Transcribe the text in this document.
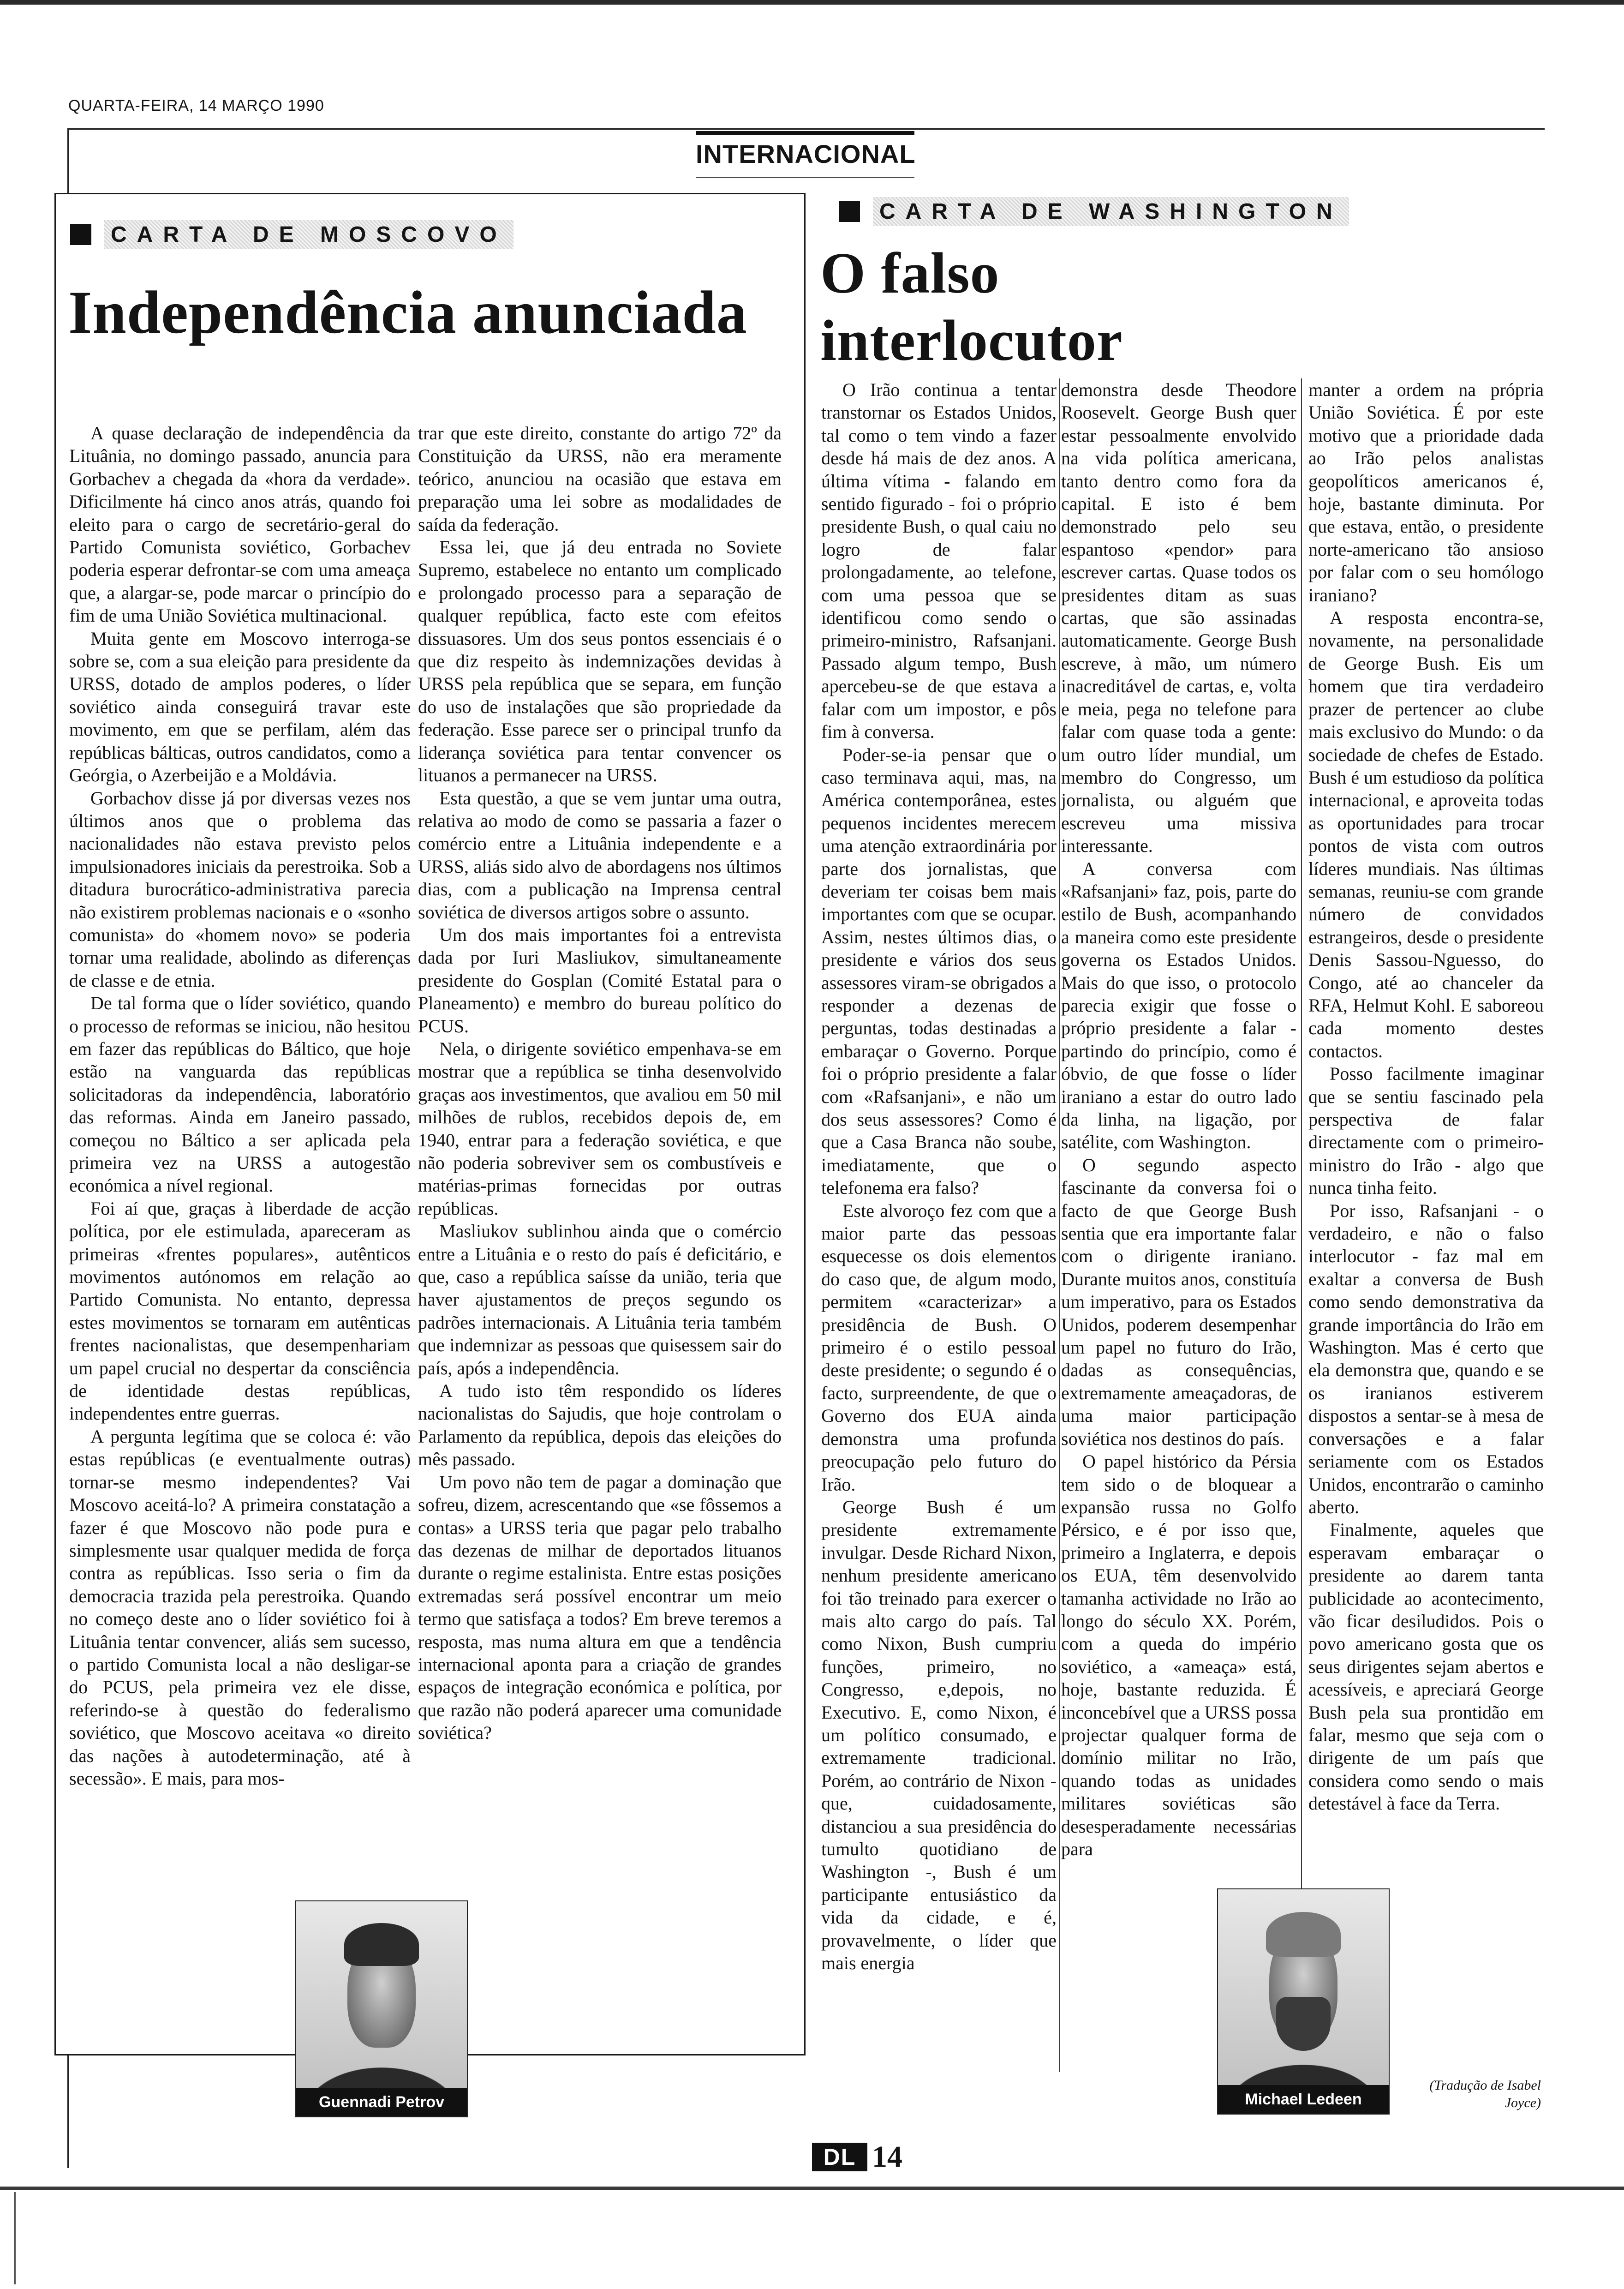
QUARTA-FEIRA, 14 MARÇO 1990
INTERNACIONAL
CARTA DE MOSCOVO
Independência anunciada

A quase declaração de independência da Lituânia, no domingo passado, anuncia para Gorbachev a chegada da «hora da verdade». Dificilmente há cinco anos atrás, quando foi eleito para o cargo de secretário-geral do Partido Comunista soviético, Gorbachev poderia esperar defrontar-se com uma ameaça que, a alargar-se, pode marcar o princípio do fim de uma União Soviética multinacional.

Muita gente em Moscovo interroga-se sobre se, com a sua eleição para presidente da URSS, dotado de amplos poderes, o líder soviético ainda conseguirá travar este movimento, em que se perfilam, além das repúblicas bálticas, outros candidatos, como a Geórgia, o Azerbeijão e a Moldávia.

Gorbachov disse já por diversas vezes nos últimos anos que o problema das nacionalidades não estava previsto pelos impulsionadores iniciais da perestroika. Sob a ditadura burocrático-administrativa parecia não existirem problemas nacionais e o «sonho comunista» do «homem novo» se poderia tornar uma realidade, abolindo as diferenças de classe e de etnia.

De tal forma que o líder soviético, quando o processo de reformas se iniciou, não hesitou em fazer das repúblicas do Báltico, que hoje estão na vanguarda das repúblicas solicitadoras da independência, laboratório das reformas. Ainda em Janeiro passado, começou no Báltico a ser aplicada pela primeira vez na URSS a autogestão económica a nível regional.

Foi aí que, graças à liberdade de acção política, por ele estimulada, apareceram as primeiras «frentes populares», autênticos movimentos autónomos em relação ao Partido Comunista. No entanto, depressa estes movimentos se tornaram em autênticas frentes nacionalistas, que desempenhariam um papel crucial no despertar da consciência de identidade destas repúblicas, independentes entre guerras.

A pergunta legítima que se coloca é: vão estas repúblicas (e eventualmente outras) tornar-se mesmo independentes? Vai Moscovo aceitá-lo? A primeira constatação a fazer é que Moscovo não pode pura e simplesmente usar qualquer medida de força contra as repúblicas. Isso seria o fim da democracia trazida pela perestroika. Quando no começo deste ano o líder soviético foi à Lituânia tentar convencer, aliás sem sucesso, o partido Comunista local a não desligar-se do PCUS, pela primeira vez ele disse, referindo-se à questão do federalismo soviético, que Moscovo aceitava «o direito das nações à autodeterminação, até à secessão». E mais, para mos-

trar que este direito, constante do artigo 72º da Constituição da URSS, não era meramente teórico, anunciou na ocasião que estava em preparação uma lei sobre as modalidades de saída da federação.

Essa lei, que já deu entrada no Soviete Supremo, estabelece no entanto um complicado e prolongado processo para a separação de qualquer república, facto este com efeitos dissuasores. Um dos seus pontos essenciais é o que diz respeito às indemnizações devidas à URSS pela república que se separa, em função do uso de instalações que são propriedade da federação. Esse parece ser o principal trunfo da liderança soviética para tentar convencer os lituanos a permanecer na URSS.

Esta questão, a que se vem juntar uma outra, relativa ao modo de como se passaria a fazer o comércio entre a Lituânia independente e a URSS, aliás sido alvo de abordagens nos últimos dias, com a publicação na Imprensa central soviética de diversos artigos sobre o assunto.

Um dos mais importantes foi a entrevista dada por Iuri Masliukov, simultaneamente presidente do Gosplan (Comité Estatal para o Planeamento) e membro do bureau político do PCUS.

Nela, o dirigente soviético empenhava-se em mostrar que a república se tinha desenvolvido graças aos investimentos, que avaliou em 50 mil milhões de rublos, recebidos depois de, em 1940, entrar para a federação soviética, e que não poderia sobreviver sem os combustíveis e matérias-primas fornecidas por outras repúblicas.

Masliukov sublinhou ainda que o comércio entre a Lituânia e o resto do país é deficitário, e que, caso a república saísse da união, teria que haver ajustamentos de preços segundo os padrões internacionais. A Lituânia teria também que indemnizar as pessoas que quisessem sair do país, após a independência.

A tudo isto têm respondido os líderes nacionalistas do Sajudis, que hoje controlam o Parlamento da república, depois das eleições do mês passado.

Um povo não tem de pagar a dominação que sofreu, dizem, acrescentando que «se fôssemos a contas» a URSS teria que pagar pelo trabalho das dezenas de milhar de deportados lituanos durante o regime estalinista. Entre estas posições extremadas será possível encontrar um meio termo que satisfaça a todos? Em breve teremos a resposta, mas numa altura em que a tendência internacional aponta para a criação de grandes espaços de integração económica e política, por que razão não poderá aparecer uma comunidade soviética?

Guennadi Petrov
CARTA DE WASHINGTON
O falso interlocutor

O Irão continua a tentar transtornar os Estados Unidos, tal como o tem vindo a fazer desde há mais de dez anos. A última vítima - falando em sentido figurado - foi o próprio presidente Bush, o qual caiu no logro de falar prolongadamente, ao telefone, com uma pessoa que se identificou como sendo o primeiro-ministro, Rafsanjani. Passado algum tempo, Bush apercebeu-se de que estava a falar com um impostor, e pôs fim à conversa.

Poder-se-ia pensar que o caso terminava aqui, mas, na América contemporânea, estes pequenos incidentes merecem uma atenção extraordinária por parte dos jornalistas, que deveriam ter coisas bem mais importantes com que se ocupar. Assim, nestes últimos dias, o presidente e vários dos seus assessores viram-se obrigados a responder a dezenas de perguntas, todas destinadas a embaraçar o Governo. Porque foi o próprio presidente a falar com «Rafsanjani», e não um dos seus assessores? Como é que a Casa Branca não soube, imediatamente, que o telefonema era falso?

Este alvoroço fez com que a maior parte das pessoas esquecesse os dois elementos do caso que, de algum modo, permitem «caracterizar» a presidência de Bush. O primeiro é o estilo pessoal deste presidente; o segundo é o facto, surpreendente, de que o Governo dos EUA ainda demonstra uma profunda preocupação pelo futuro do Irão.

George Bush é um presidente extremamente invulgar. Desde Richard Nixon, nenhum presidente americano foi tão treinado para exercer o mais alto cargo do país. Tal como Nixon, Bush cumpriu funções, primeiro, no Congresso, e,depois, no Executivo. E, como Nixon, é um político consumado, e extremamente tradicional. Porém, ao contrário de Nixon - que, cuidadosamente, distanciou a sua presidência do tumulto quotidiano de Washington -, Bush é um participante entusiástico da vida da cidade, e é, provavelmente, o líder que mais energia

demonstra desde Theodore Roosevelt. George Bush quer estar pessoalmente envolvido na vida política americana, tanto dentro como fora da capital. E isto é bem demonstrado pelo seu espantoso «pendor» para escrever cartas. Quase todos os presidentes ditam as suas cartas, que são assinadas automaticamente. George Bush escreve, à mão, um número inacreditável de cartas, e, volta e meia, pega no telefone para falar com quase toda a gente: um outro líder mundial, um membro do Congresso, um jornalista, ou alguém que escreveu uma missiva interessante.

A conversa com «Rafsanjani» faz, pois, parte do estilo de Bush, acompanhando a maneira como este presidente governa os Estados Unidos. Mais do que isso, o protocolo parecia exigir que fosse o próprio presidente a falar - partindo do princípio, como é óbvio, de que fosse o líder iraniano a estar do outro lado da linha, na ligação, por satélite, com Washington.

O segundo aspecto fascinante da conversa foi o facto de que George Bush sentia que era importante falar com o dirigente iraniano. Durante muitos anos, constituía um imperativo, para os Estados Unidos, poderem desempenhar um papel no futuro do Irão, dadas as consequências, extremamente ameaçadoras, de uma maior participação soviética nos destinos do país.

O papel histórico da Pérsia tem sido o de bloquear a expansão russa no Golfo Pérsico, e é por isso que, primeiro a Inglaterra, e depois os EUA, têm desenvolvido tamanha actividade no Irão ao longo do século XX. Porém, com a queda do império soviético, a «ameaça» está, hoje, bastante reduzida. É inconcebível que a URSS possa projectar qualquer forma de domínio militar no Irão, quando todas as unidades militares soviéticas são desesperadamente necessárias para

manter a ordem na própria União Soviética. É por este motivo que a prioridade dada ao Irão pelos analistas geopolíticos americanos é, hoje, bastante diminuta. Por que estava, então, o presidente norte-americano tão ansioso por falar com o seu homólogo iraniano?

A resposta encontra-se, novamente, na personalidade de George Bush. Eis um homem que tira verdadeiro prazer de pertencer ao clube mais exclusivo do Mundo: o da sociedade de chefes de Estado. Bush é um estudioso da política internacional, e aproveita todas as oportunidades para trocar pontos de vista com outros líderes mundiais. Nas últimas semanas, reuniu-se com grande número de convidados estrangeiros, desde o presidente Denis Sassou-Nguesso, do Congo, até ao chanceler da RFA, Helmut Kohl. E saboreou cada momento destes contactos.

Posso facilmente imaginar que se sentiu fascinado pela perspectiva de falar directamente com o primeiro-ministro do Irão - algo que nunca tinha feito.

Por isso, Rafsanjani - o verdadeiro, e não o falso interlocutor - faz mal em exaltar a conversa de Bush como sendo demonstrativa da grande importância do Irão em Washington. Mas é certo que ela demonstra que, quando e se os iranianos estiverem dispostos a sentar-se à mesa de conversações e a falar seriamente com os Estados Unidos, encontrarão o caminho aberto.

Finalmente, aqueles que esperavam embaraçar o presidente ao darem tanta publicidade ao acontecimento, vão ficar desiludidos. Pois o povo americano gosta que os seus dirigentes sejam abertos e acessíveis, e apreciará George Bush pela sua prontidão em falar, mesmo que seja com o dirigente de um país que considera como sendo o mais detestável à face da Terra.

Michael Ledeen
(Tradução de Isabel Joyce)
DL 14
